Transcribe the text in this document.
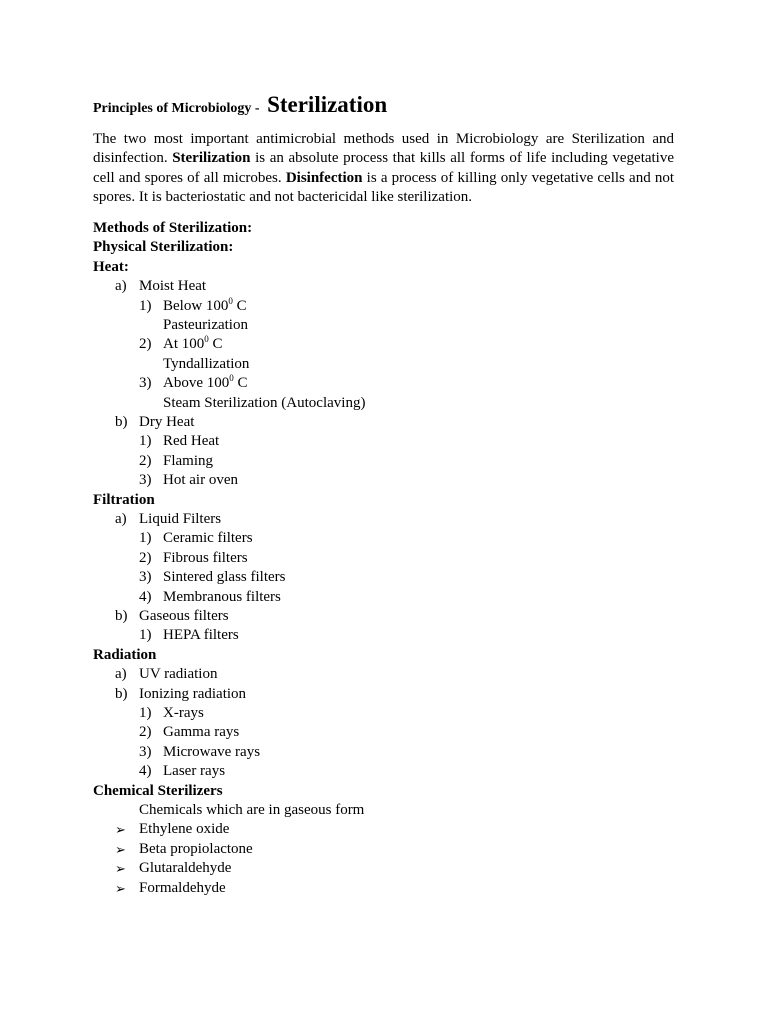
Principles of Microbiology - Sterilization

The two most important antimicrobial methods used in Microbiology are Sterilization and disinfection. Sterilization is an absolute process that kills all forms of life including vegetative cell and spores of all microbes. Disinfection is a process of killing only vegetative cells and not spores. It is bacteriostatic and not bactericidal like sterilization.

Methods of Sterilization:
Physical Sterilization:
Heat:
a) Moist Heat
1) Below $100^0$ C
Pasteurization
2) At $100^0$ C
Tyndallization
3) Above $100^0$ C
Steam Sterilization (Autoclaving)
b) Dry Heat
1) Red Heat
2) Flaming
3) Hot air oven
Filtration
a) Liquid Filters
1) Ceramic filters
2) Fibrous filters
3) Sintered glass filters
4) Membranous filters
b) Gaseous filters
1) HEPA filters
Radiation
a) UV radiation
b) Ionizing radiation
1) X-rays
2) Gamma rays
3) Microwave rays
4) Laser rays
Chemical Sterilizers
Chemicals which are in gaseous form
➢ Ethylene oxide
➢ Beta propiolactone
➢ Glutaraldehyde
➢ Formaldehyde
